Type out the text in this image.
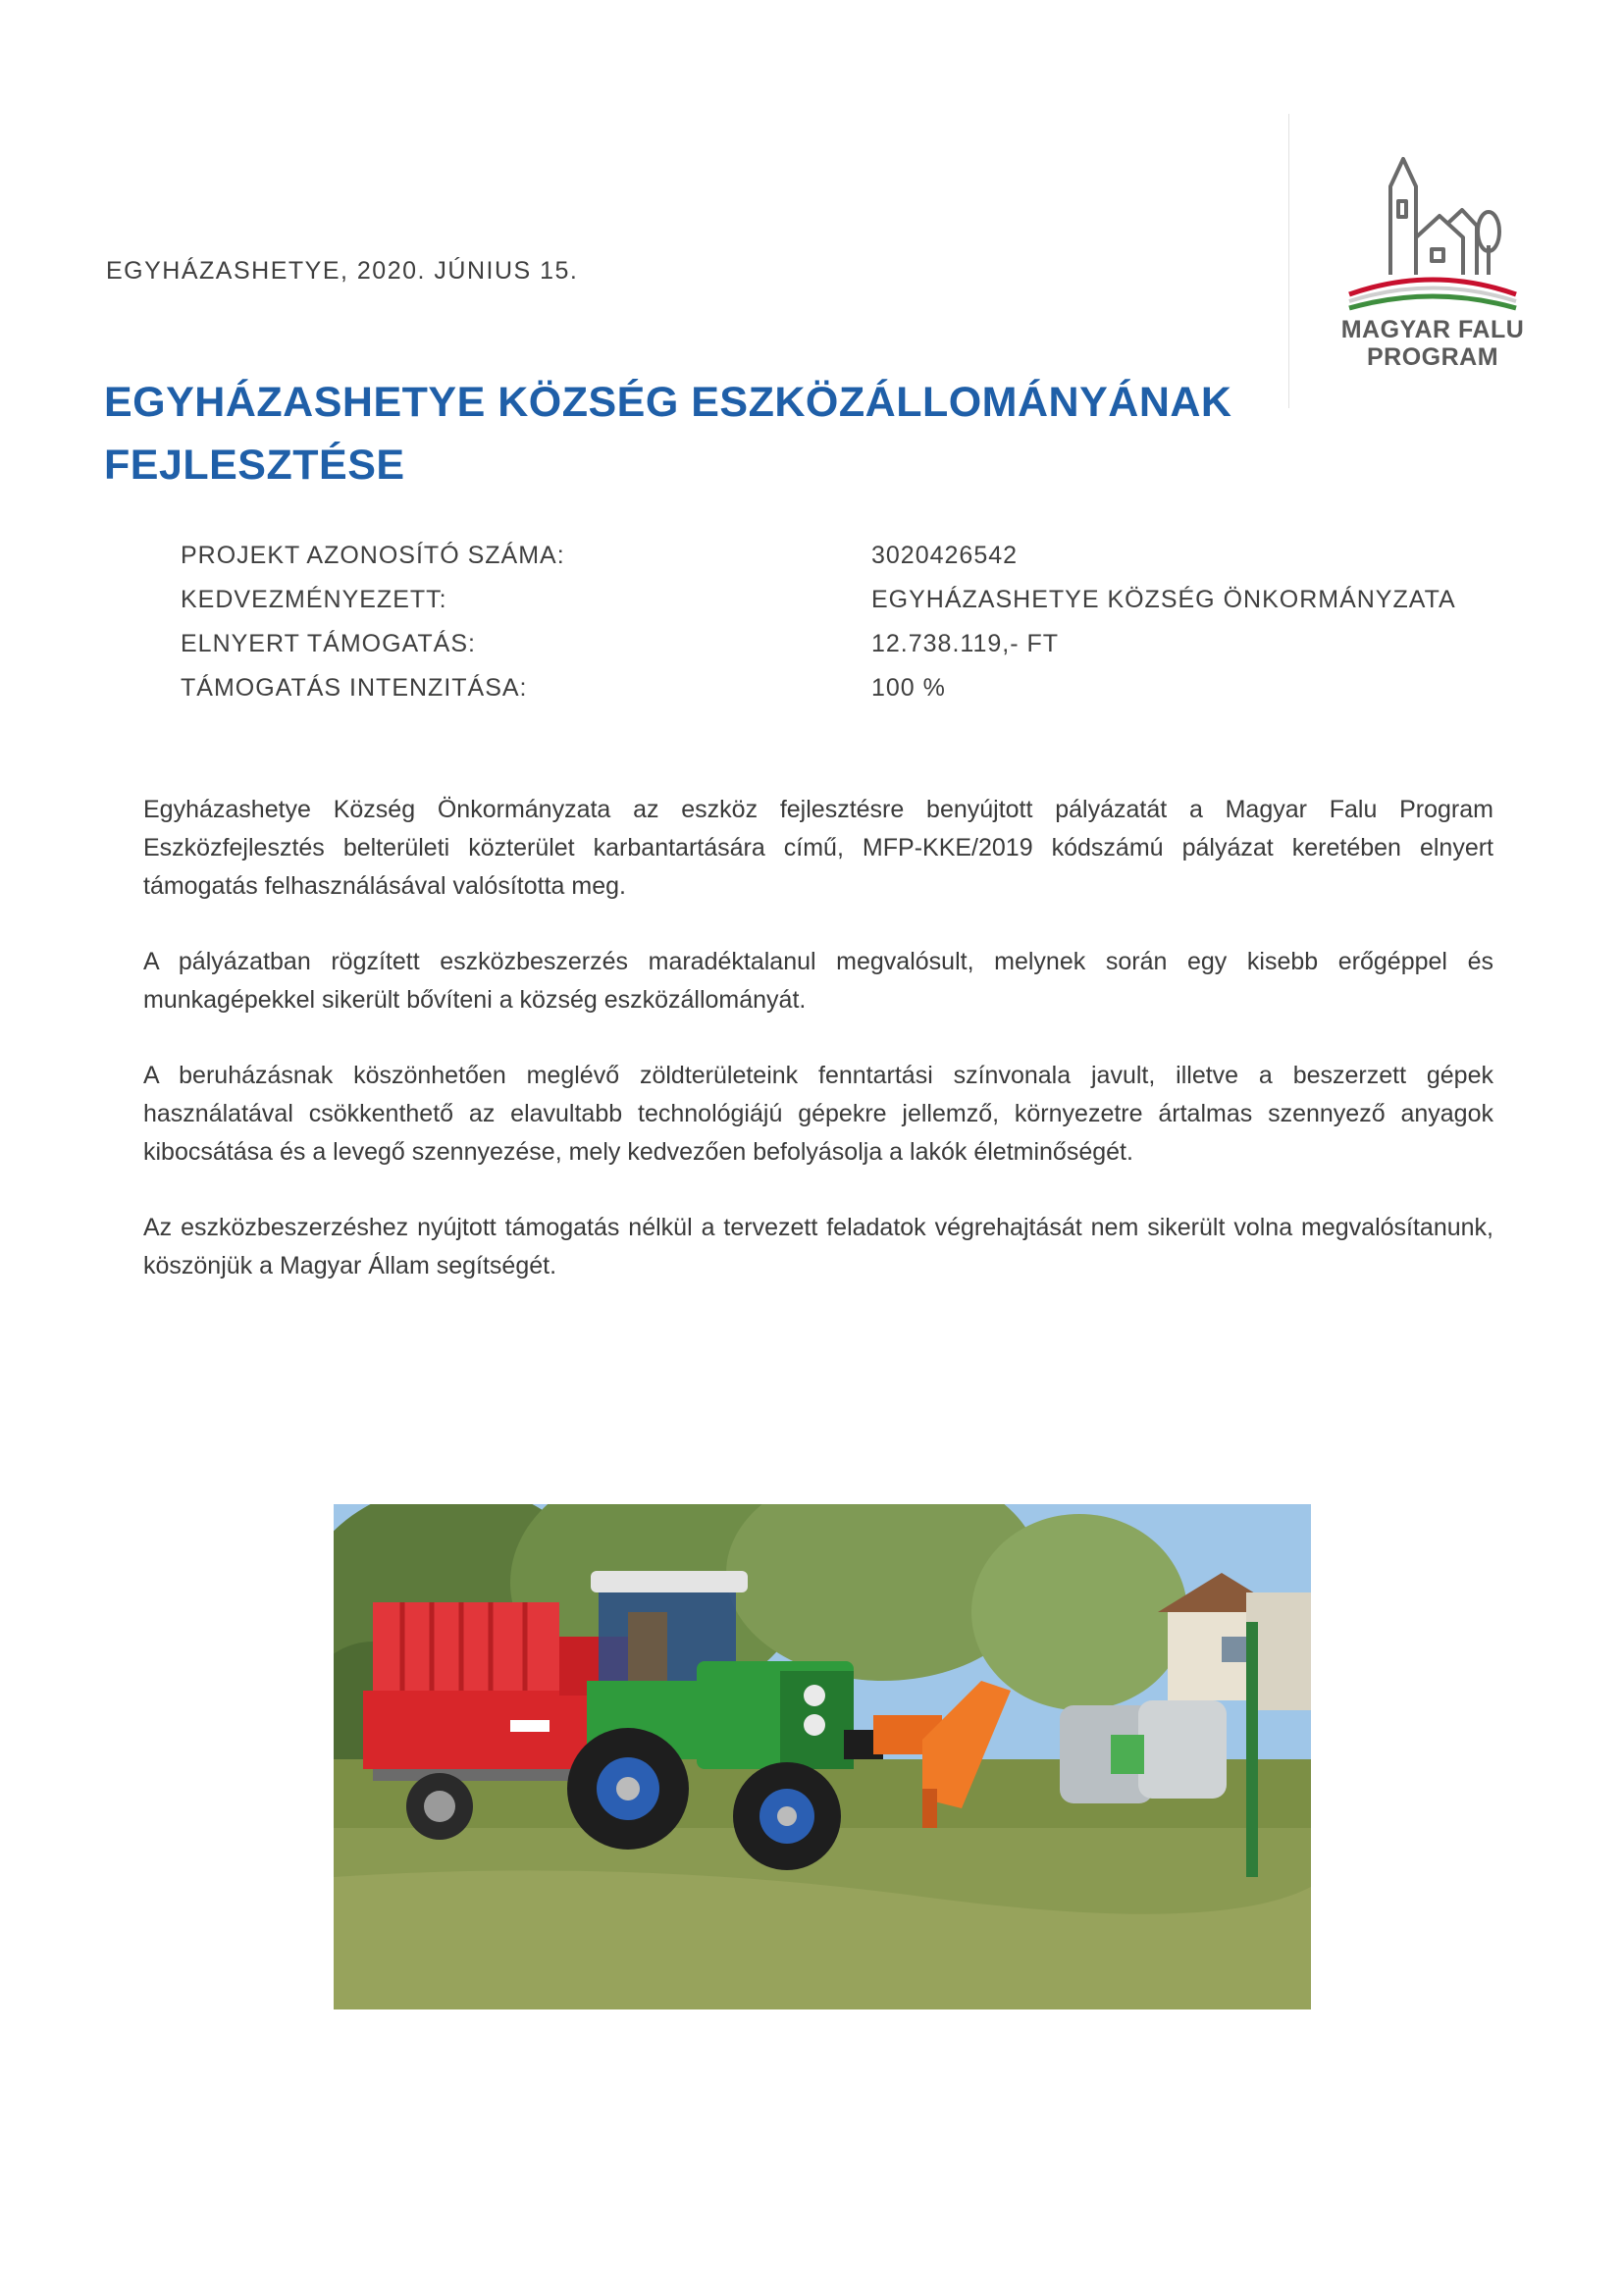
EGYHÁZASHETYE, 2020. JÚNIUS 15.
MAGYAR FALU
PROGRAM
EGYHÁZASHETYE KÖZSÉG ESZKÖZÁLLOMÁNYÁNAK FEJLESZTÉSE
PROJEKT AZONOSÍTÓ SZÁMA:	3020426542
KEDVEZMÉNYEZETT:	EGYHÁZASHETYE KÖZSÉG ÖNKORMÁNYZATA
ELNYERT TÁMOGATÁS:	12.738.119,- FT
TÁMOGATÁS INTENZITÁSA:	100 %

Egyházashetye Község Önkormányzata az eszköz fejlesztésre benyújtott pályázatát a Magyar Falu Program Eszközfejlesztés belterületi közterület karbantartására című, MFP-KKE/2019 kódszámú pályázat keretében elnyert támogatás felhasználásával valósította meg.

A pályázatban rögzített eszközbeszerzés maradéktalanul megvalósult, melynek során egy kisebb erőgéppel és munkagépekkel sikerült bővíteni a község eszközállományát.

A beruházásnak köszönhetően meglévő zöldterületeink fenntartási színvonala javult, illetve a beszerzett gépek használatával csökkenthető az elavultabb technológiájú gépekre jellemző, környezetre ártalmas szennyező anyagok kibocsátása és a levegő szennyezése, mely kedvezően befolyásolja a lakók életminőségét.

Az eszközbeszerzéshez nyújtott támogatás nélkül a tervezett feladatok végrehajtását nem sikerült volna megvalósítanunk, köszönjük a Magyar Állam segítségét.
